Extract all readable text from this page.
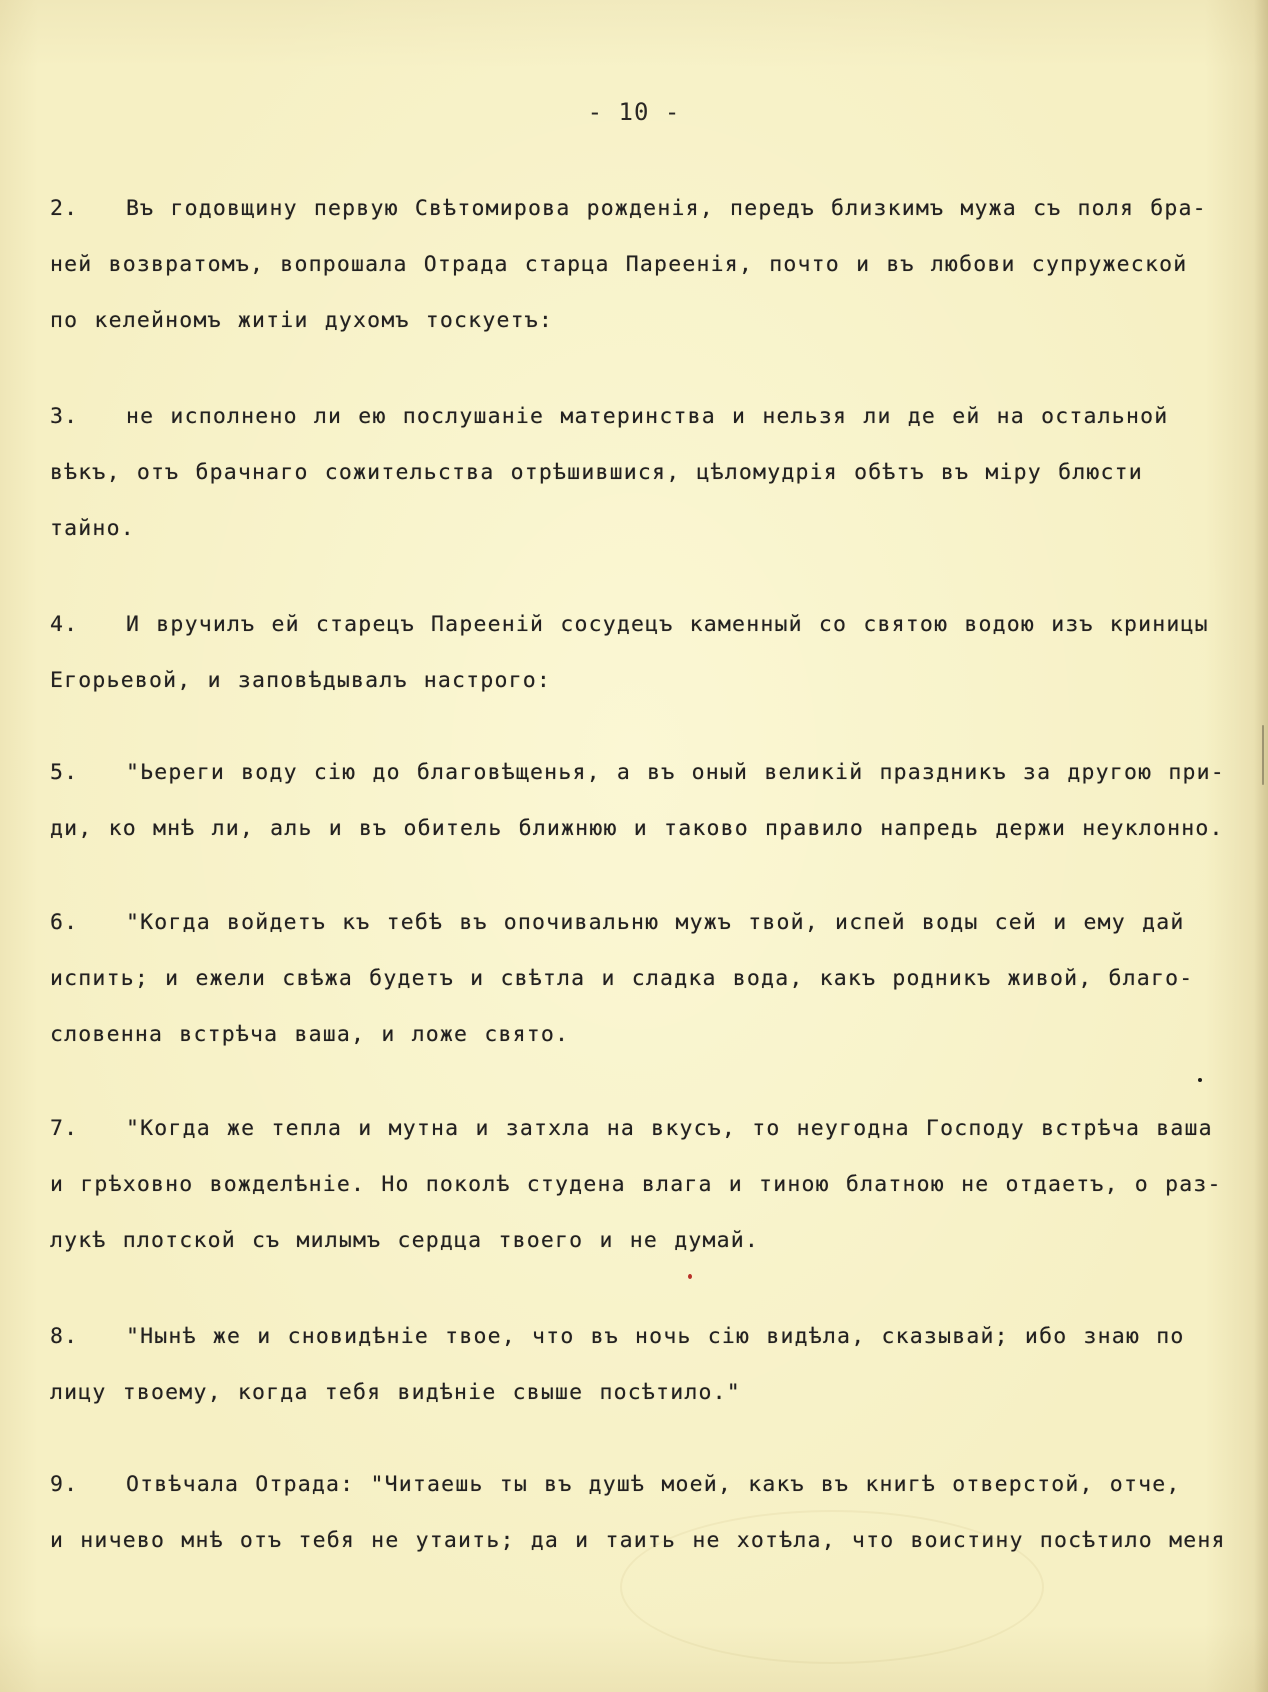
- 10 -
2. Въ годовщину первую Свѣтомирова рожденія, передъ близкимъ мужа съ поля бра-
ней возвратомъ, вопрошала Отрада старца Пареенія, почто и въ любови супружеской
по келейномъ житіи духомъ тоскуетъ:
3. не исполнено ли ею послушаніе материнства и нельзя ли де ей на остальной
вѣкъ, отъ брачнаго сожительства отрѣшившися, цѣломудрія обѣтъ въ міру блюсти
тайно.
4. И вручилъ ей старецъ Пареенiй сосудецъ каменный со святою водою изъ криницы
Егорьевой, и заповѣдывалъ настрого:
5. "Ьереги воду сію до благовѣщенья, а въ оный великій праздникъ за другою при-
ди, ко мнѣ ли, аль и въ обитель ближнюю и таково правило напредь держи неуклонно.
6. "Когда войдетъ къ тебѣ въ опочивальню мужъ твой, испей воды сей и ему дай
испить; и ежели свѣжа будетъ и свѣтла и сладка вода, какъ родникъ живой, благо-
словенна встрѣча ваша, и ложе свято.
7. "Когда же тепла и мутна и затхла на вкусъ, то неугодна Господу встрѣча ваша
и грѣховно вожделѣніе. Но поколѣ студена влага и тиною блатною не отдаетъ, о раз-
лукѣ плотской съ милымъ сердца твоего и не думай.
8. "Нынѣ же и сновидѣніе твое, что въ ночь сію видѣла, сказывай; ибо знаю по
лицу твоему, когда тебя видѣніе свыше посѣтило."
9. Отвѣчала Отрада: "Читаешь ты въ душѣ моей, какъ въ книгѣ отверстой, отче,
и ничево мнѣ отъ тебя не утаить; да и таить не хотѣла, что воистину посѣтило меня
